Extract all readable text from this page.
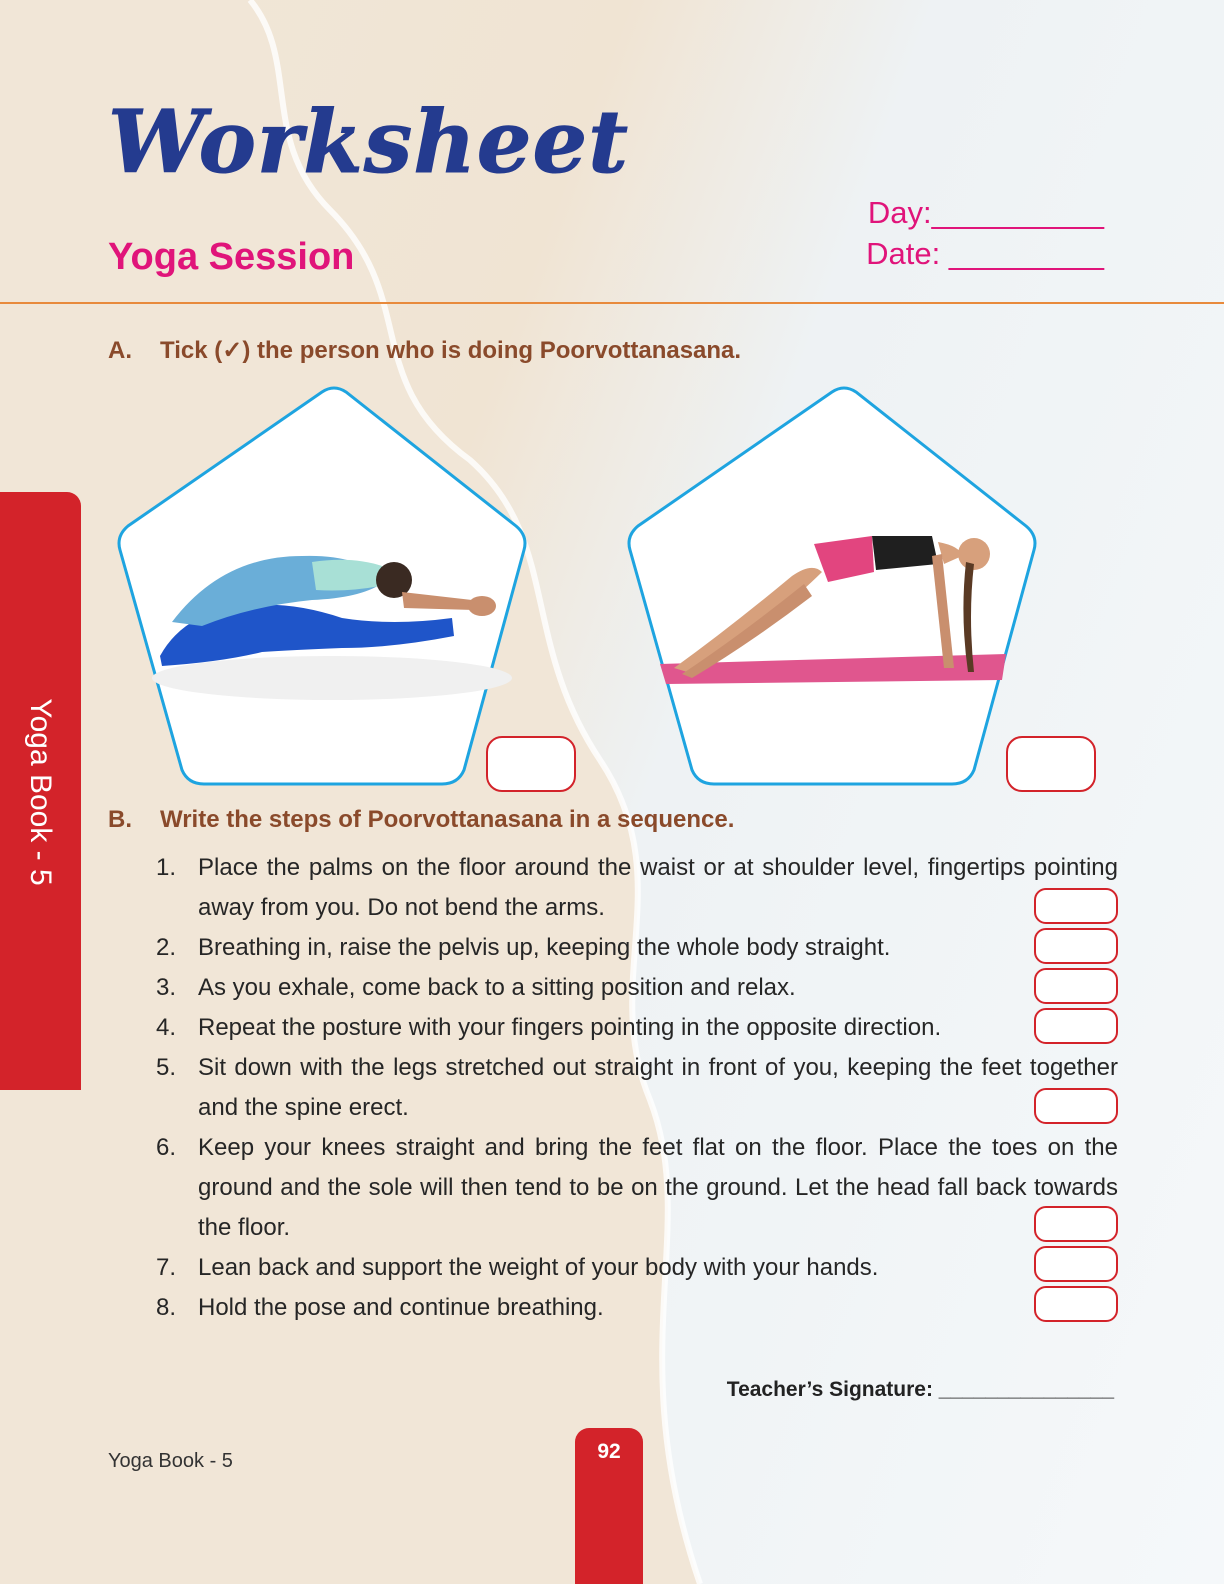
Worksheet
Yoga Session
Day:__________
Date: _________
Yoga Book - 5
A. Tick (✓) the person who is doing Poorvottanasana.
B. Write the steps of Poorvottanasana in a sequence.
1. Place the palms on the floor around the waist or at shoulder level, fingertips pointing away from you. Do not bend the arms.
2. Breathing in, raise the pelvis up, keeping the whole body straight.
3. As you exhale, come back to a sitting position and relax.
4. Repeat the posture with your fingers pointing in the opposite direction.
5. Sit down with the legs stretched out straight in front of you, keeping the feet together and the spine erect.
6. Keep your knees straight and bring the feet flat on the floor. Place the toes on the ground and the sole will then tend to be on the ground. Let the head fall back towards the floor.
7. Lean back and support the weight of your body with your hands.
8. Hold the pose and continue breathing.
Teacher’s Signature: _______________
Yoga Book - 5	92
